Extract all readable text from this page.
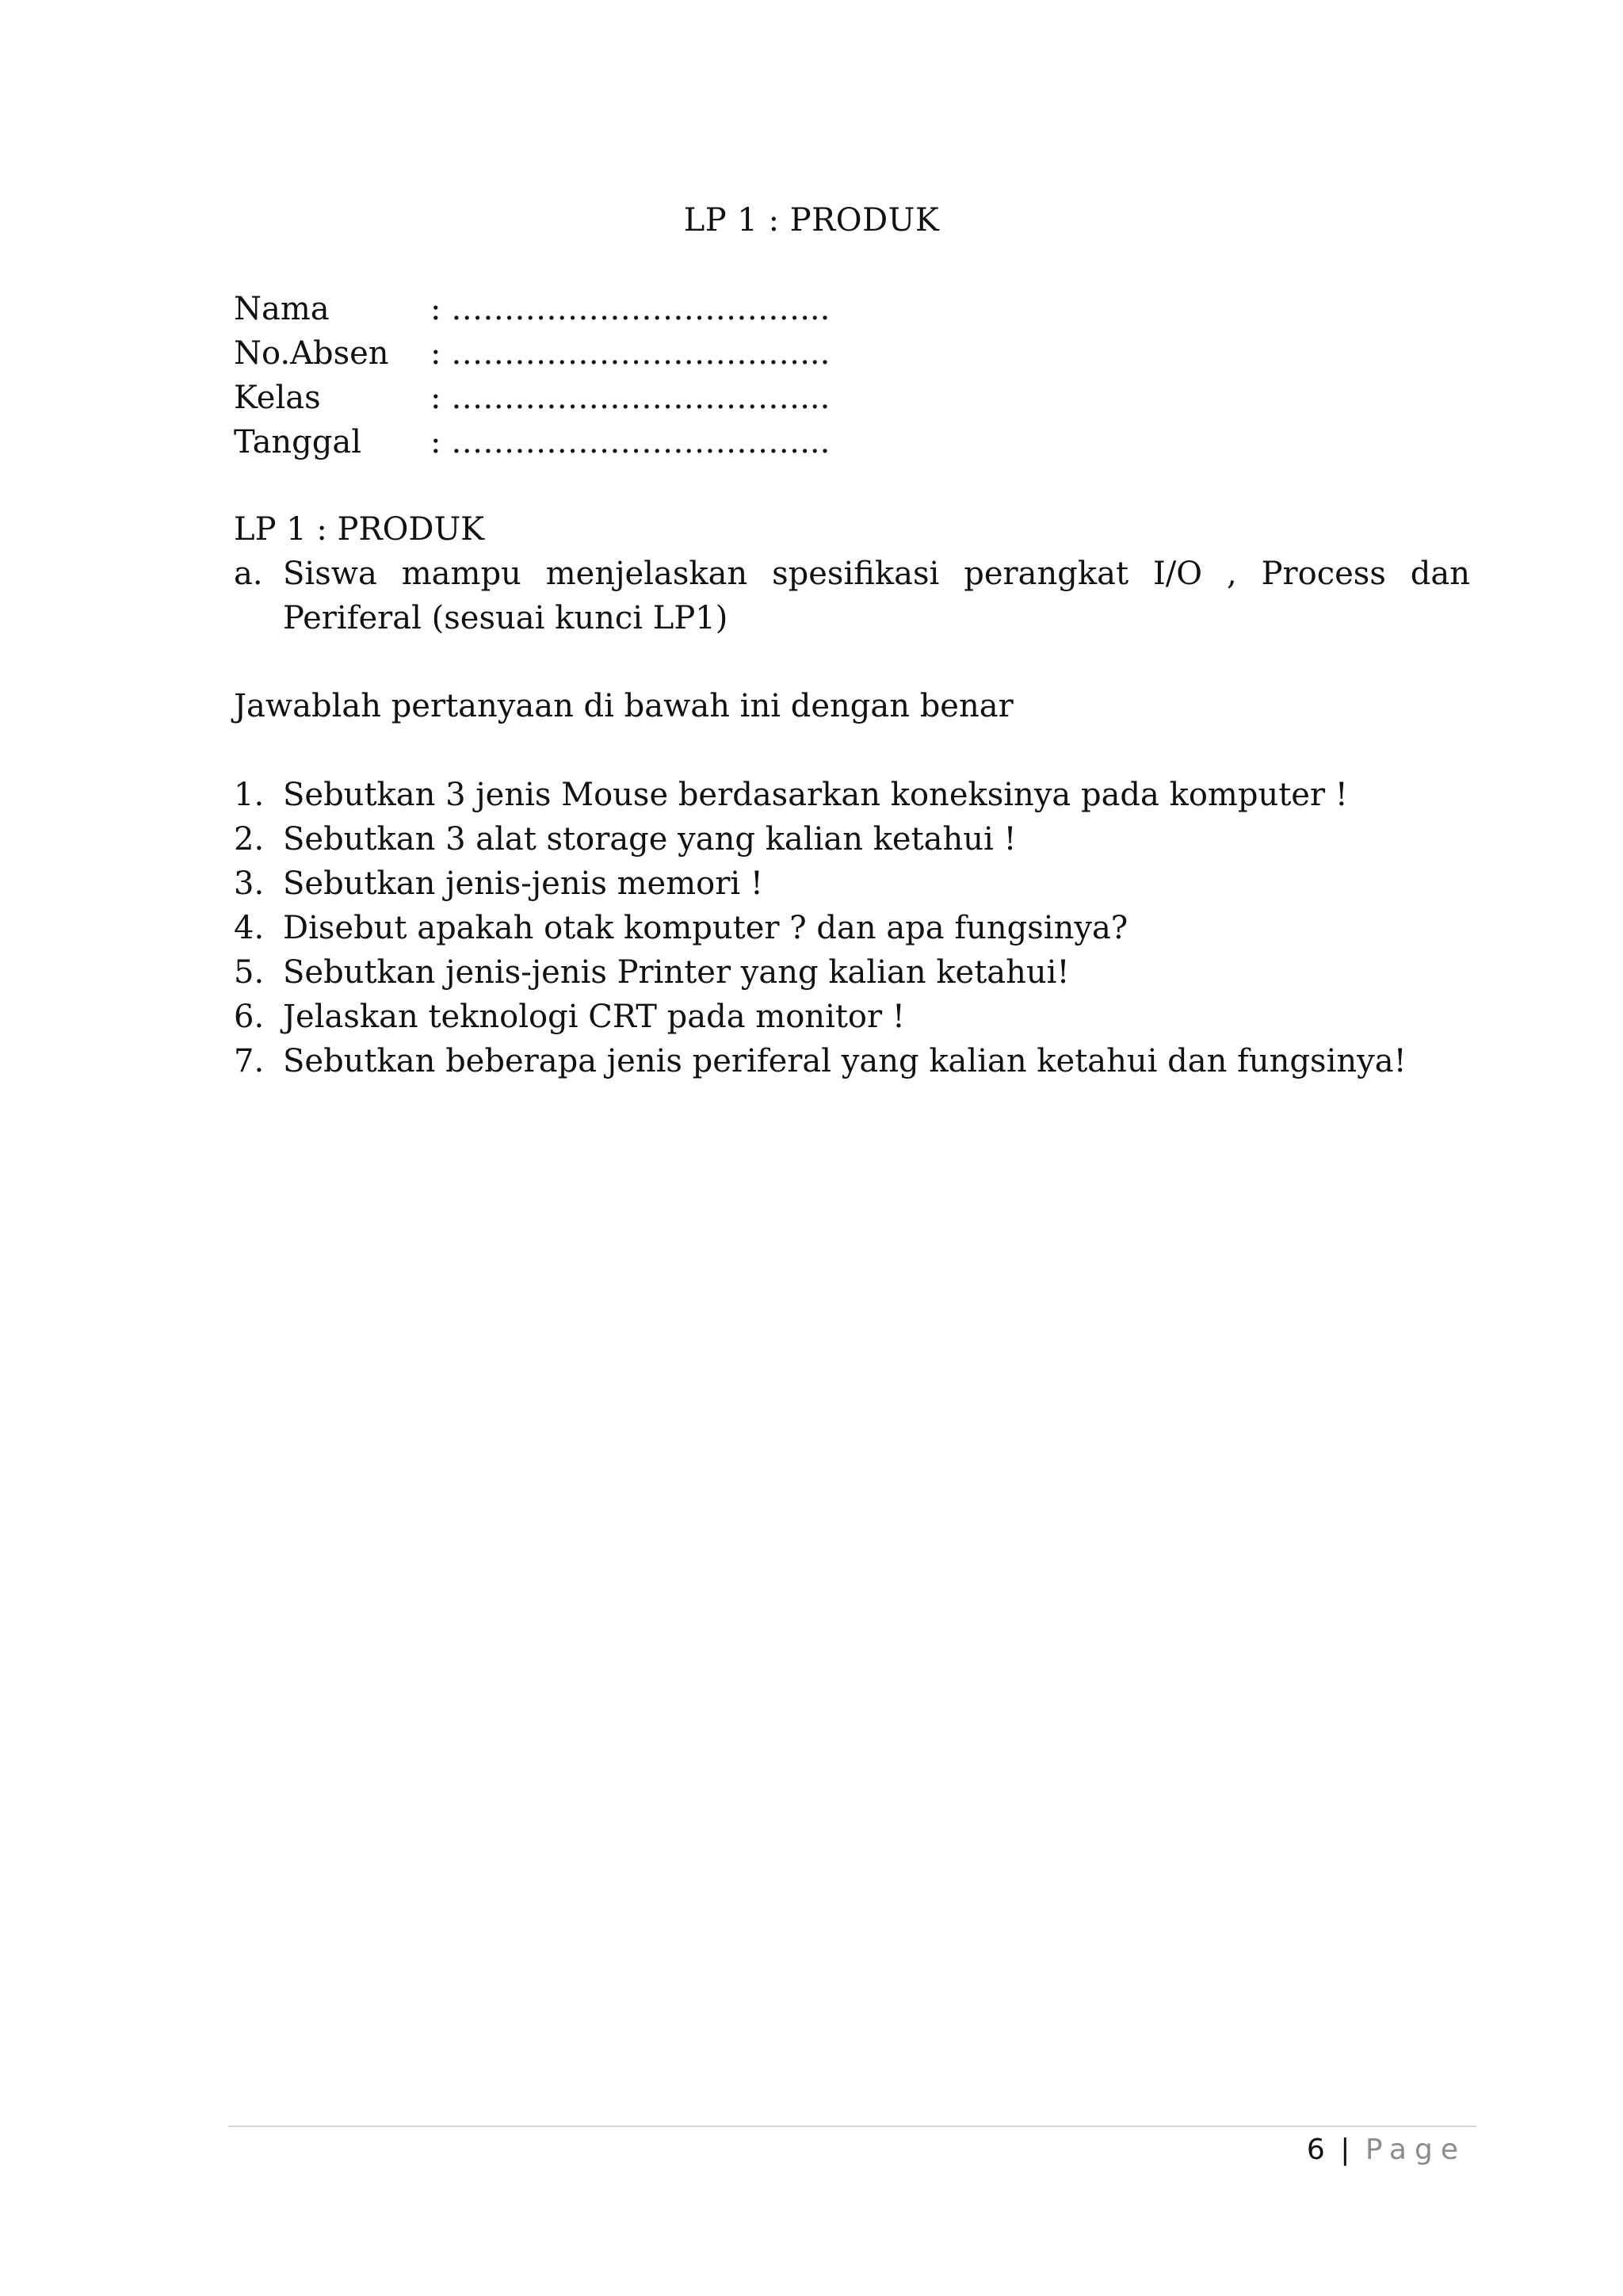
LP 1 : PRODUK
Nama	: ……………………………...
No.Absen	: ……………………………...
Kelas	: ……………………………...
Tanggal	: ……………………………...
LP 1 : PRODUK
a. Siswa mampu menjelaskan spesifikasi perangkat I/O , Process dan Periferal (sesuai kunci LP1)
Jawablah pertanyaan di bawah ini dengan benar
1. Sebutkan 3 jenis Mouse berdasarkan koneksinya pada komputer !
2. Sebutkan 3 alat storage yang kalian ketahui !
3. Sebutkan jenis-jenis memori !
4. Disebut apakah otak komputer ? dan apa fungsinya?
5. Sebutkan jenis-jenis Printer yang kalian ketahui!
6. Jelaskan teknologi CRT pada monitor !
7. Sebutkan beberapa jenis periferal yang kalian ketahui dan fungsinya!
6 | Page
